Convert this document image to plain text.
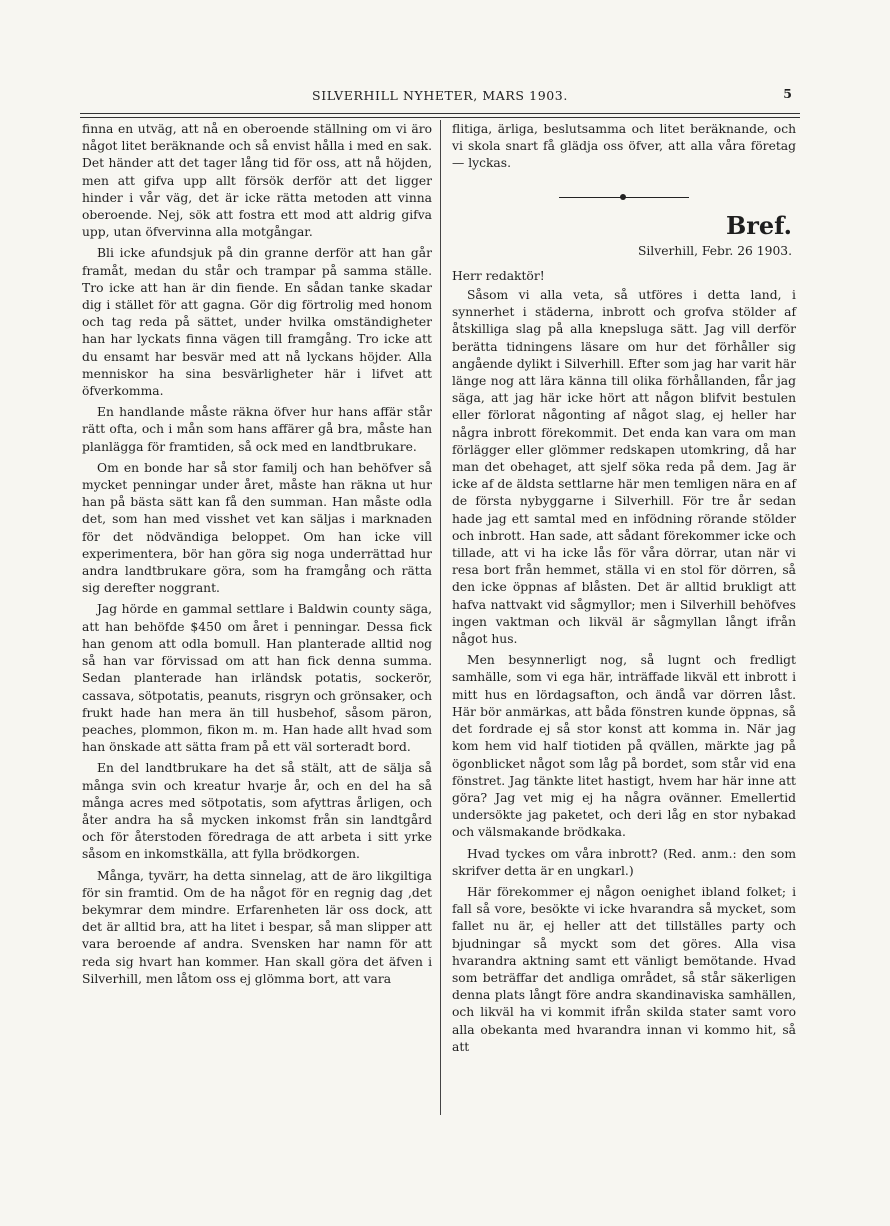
SILVERHILL NYHETER, MARS 1903.	5

finna en utväg, att nå en oberoende ställning om vi äro något litet beräknande och så envist hålla i med en sak. Det händer att det tager lång tid för oss, att nå höjden, men att gifva upp allt försök derför att det ligger hinder i vår väg, det är icke rätta metoden att vinna oberoende. Nej, sök att fostra ett mod att aldrig gifva upp, utan öfvervinna alla motgångar.

Bli icke afundsjuk på din granne derför att han går framåt, medan du står och trampar på samma ställe. Tro icke att han är din fiende. En sådan tanke skadar dig i stället för att gagna. Gör dig förtrolig med honom och tag reda på sättet, under hvilka omständigheter han har lyckats finna vägen till framgång. Tro icke att du ensamt har besvär med att nå lyckans höjder. Alla menniskor ha sina besvärligheter här i lifvet att öfverkomma.

En handlande måste räkna öfver hur hans affär står rätt ofta, och i mån som hans affärer gå bra, måste han planlägga för framtiden, så ock med en landtbrukare.

Om en bonde har så stor familj och han behöfver så mycket penningar under året, måste han räkna ut hur han på bästa sätt kan få den summan. Han måste odla det, som han med visshet vet kan säljas i marknaden för det nödvändiga beloppet. Om han icke vill experimentera, bör han göra sig noga underrättad hur andra landtbrukare göra, som ha framgång och rätta sig derefter noggrant.

Jag hörde en gammal settlare i Baldwin county säga, att han behöfde $450 om året i penningar. Dessa fick han genom att odla bomull. Han planterade alltid nog så han var förvissad om att han fick denna summa. Sedan planterade han irländsk potatis, sockerör, cassava, sötpotatis, peanuts, risgryn och grönsaker, och frukt hade han mera än till husbehof, såsom päron, peaches, plommon, fikon m. m. Han hade allt hvad som han önskade att sätta fram på ett väl sorteradt bord.

En del landtbrukare ha det så stält, att de sälja så många svin och kreatur hvarje år, och en del ha så många acres med sötpotatis, som afyttras årligen, och åter andra ha så mycken inkomst från sin landtgård och för återstoden föredraga de att arbeta i sitt yrke såsom en inkomstkälla, att fylla brödkorgen.

Många, tyvärr, ha detta sinnelag, att de äro likgiltiga för sin framtid. Om de ha något för en regnig dag ,det bekymrar dem mindre. Erfarenheten lär oss dock, att det är alltid bra, att ha litet i bespar, så man slipper att vara beroende af andra. Svensken har namn för att reda sig hvart han kommer. Han skall göra det äfven i Silverhill, men låtom oss ej glömma bort, att vara

flitiga, ärliga, beslutsamma och litet beräknande, och vi skola snart få glädja oss öfver, att alla våra företag — lyckas.

Bref.
Silverhill, Febr. 26 1903.
Herr redaktör!

Såsom vi alla veta, så utföres i detta land, i synnerhet i städerna, inbrott och grofva stölder af åtskilliga slag på alla knepsluga sätt. Jag vill derför berätta tidningens läsare om hur det förhåller sig angående dylikt i Silverhill. Efter som jag har varit här länge nog att lära känna till olika förhållanden, får jag säga, att jag här icke hört att någon blifvit bestulen eller förlorat någonting af något slag, ej heller har några inbrott förekommit. Det enda kan vara om man förlägger eller glömmer redskapen utomkring, då har man det obehaget, att sjelf söka reda på dem. Jag är icke af de äldsta settlarne här men temligen nära en af de första nybyggarne i Silverhill. För tre år sedan hade jag ett samtal med en infödning rörande stölder och inbrott. Han sade, att sådant förekommer icke och tillade, att vi ha icke lås för våra dörrar, utan när vi resa bort från hemmet, ställa vi en stol för dörren, så den icke öppnas af blåsten. Det är alltid brukligt att hafva nattvakt vid sågmyllor; men i Silverhill behöfves ingen vaktman och likväl är sågmyllan långt ifrån något hus.

Men besynnerligt nog, så lugnt och fredligt samhälle, som vi ega här, inträffade likväl ett inbrott i mitt hus en lördagsafton, och ändå var dörren låst. Här bör anmärkas, att båda fönstren kunde öppnas, så det fordrade ej så stor konst att komma in. När jag kom hem vid half tiotiden på qvällen, märkte jag på ögonblicket något som låg på bordet, som står vid ena fönstret. Jag tänkte litet hastigt, hvem har här inne att göra? Jag vet mig ej ha några ovänner. Emellertid undersökte jag paketet, och deri låg en stor nybakad och välsmakande brödkaka.

Hvad tyckes om våra inbrott? (Red. anm.: den som skrifver detta är en ungkarl.)

Här förekommer ej någon oenighet ibland folket; i fall så vore, besökte vi icke hvarandra så mycket, som fallet nu är, ej heller att det tillställes party och bjudningar så myckt som det göres. Alla visa hvarandra aktning samt ett vänligt bemötande. Hvad som beträffar det andliga området, så står säkerligen denna plats långt före andra skandinaviska samhällen, och likväl ha vi kommit ifrån skilda stater samt voro alla obekanta med hvarandra innan vi kommo hit, så att
